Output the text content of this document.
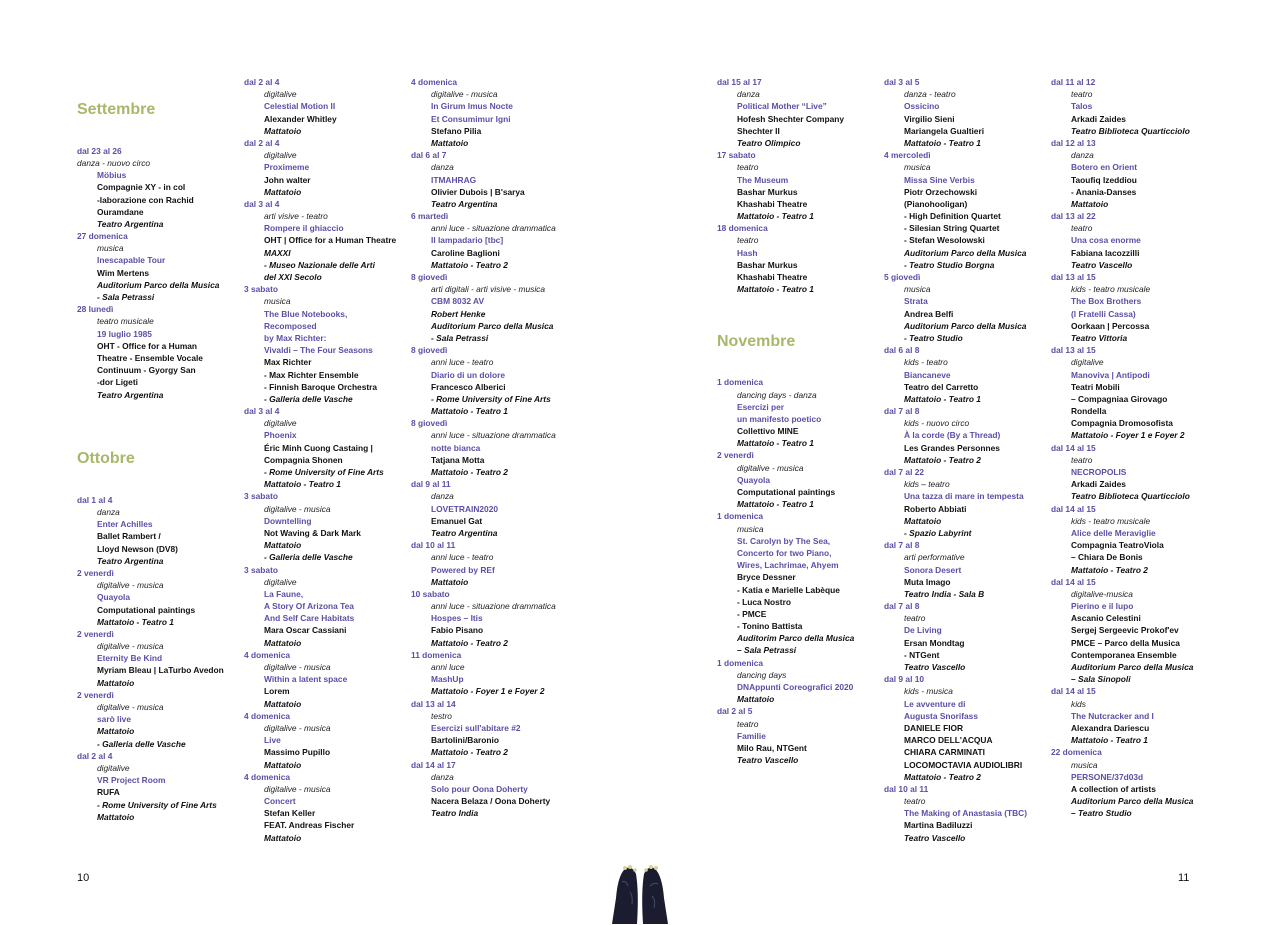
Settembre
dal 23 al 26
danza - nuovo circo
Möbius
Compagnie XY - in col
-laborazione con Rachid
Ouramdane
Teatro Argentina
27 domenica
musica
Inescapable Tour
Wim Mertens
Auditorium Parco della Musica
- Sala Petrassi
28 lunedì
teatro musicale
19 luglio 1985
OHT - Office for a Human
Theatre - Ensemble Vocale
Continuum - Gyorgy San
-dor Ligeti
Teatro Argentina
Ottobre
dal 1 al 4
danza
Enter Achilles
Ballet Rambert /
Lloyd Newson (DV8)
Teatro Argentina
2 venerdì
digitalive - musica
Quayola
Computational paintings
Mattatoio - Teatro 1
2 venerdì
digitalive - musica
Eternity Be Kind
Myriam Bleau | LaTurbo Avedon
Mattatoio
2 venerdì
digitalive - musica
sarò live
Mattatoio
- Galleria delle Vasche
dal 2 al 4
digitalive
VR Project Room
RUFA
- Rome University of Fine Arts
Mattatoio
dal 2 al 4
digitalive
Celestial Motion II
Alexander Whitley
Mattatoio
dal 2 al 4
digitalive
Proximeme
John walter
Mattatoio
dal 3 al 4
arti visive - teatro
Rompere il ghiaccio
OHT | Office for a Human Theatre
MAXXI
- Museo Nazionale delle Arti
del XXI Secolo
3 sabato
musica
The Blue Notebooks,
Recomposed
by Max Richter:
Vivaldi – The Four Seasons
Max Richter
- Max Richter Ensemble
- Finnish Baroque Orchestra
- Galleria delle Vasche
dal 3 al 4
digitalive
Phoenix
Éric Minh Cuong Castaing |
Compagnia Shonen
- Rome University of Fine Arts
Mattatoio - Teatro 1
3 sabato
digitalive - musica
Downtelling
Not Waving & Dark Mark
Mattatoio
- Galleria delle Vasche
3 sabato
digitalive
La Faune,
A Story Of Arizona Tea
And Self Care Habitats
Mara Oscar Cassiani
Mattatoio
4 domenica
digitalive - musica
Within a latent space
Lorem
Mattatoio
4 domenica
digitalive - musica
Live
Massimo Pupillo
Mattatoio
4 domenica
digitalive - musica
Concert
Stefan Keller
FEAT. Andreas Fischer
Mattatoio
4 domenica
digitalive - musica
In Girum Imus Nocte
Et Consumimur Igni
Stefano Pilia
Mattatoio
dal 6 al 7
danza
ITMAHRAG
Olivier Dubois | B'sarya
Teatro Argentina
6 martedì
anni luce - situazione drammatica
Il lampadario [tbc]
Caroline Baglioni
Mattatoio - Teatro 2
8 giovedì
arti digitali - arti visive - musica
CBM 8032 AV
Robert Henke
Auditorium Parco della Musica
- Sala Petrassi
8 giovedì
anni luce - teatro
Diario di un dolore
Francesco Alberici
- Rome University of Fine Arts
Mattatoio - Teatro 1
8 giovedì
anni luce - situazione drammatica
notte bianca
Tatjana Motta
Mattatoio - Teatro 2
dal 9 al 11
danza
LOVETRAIN2020
Emanuel Gat
Teatro Argentina
dal 10 al 11
anni luce - teatro
Powered by REf
Mattatoio
10 sabato
anni luce - situazione drammatica
Hospes – Itis
Fabio Pisano
Mattatoio - Teatro 2
11 domenica
anni luce
MashUp
Mattatoio - Foyer 1 e Foyer 2
dal 13 al 14
testro
Esercizi sull'abitare #2
Bartolini/Baronio
Mattatoio - Teatro 2
dal 14 al 17
danza
Solo pour Oona Doherty
Nacera Belaza / Oona Doherty
Teatro India
dal 15 al 17
danza
Political Mother “Live”
Hofesh Shechter Company
Shechter II
Teatro Olimpico
17 sabato
teatro
The Museum
Bashar Murkus
Khashabi Theatre
Mattatoio - Teatro 1
18 domenica
teatro
Hash
Bashar Murkus
Khashabi Theatre
Mattatoio - Teatro 1
Novembre
1 domenica
dancing days - danza
Esercizi per
un manifesto poetico
Collettivo MINE
Mattatoio - Teatro 1
2 venerdì
digitalive - musica
Quayola
Computational paintings
Mattatoio - Teatro 1
1 domenica
musica
St. Carolyn by The Sea,
Concerto for two Piano,
Wires, Lachrimae, Ahyem
Bryce Dessner
- Katia e Marielle Labèque
- Luca Nostro
- PMCE
- Tonino Battista
Auditorim Parco della Musica
– Sala Petrassi
1 domenica
dancing days
DNAppunti Coreografici 2020
Mattatoio
dal 2 al 5
teatro
Familie
Milo Rau, NTGent
Teatro Vascello
dal 3 al 5
danza - teatro
Ossicino
Virgilio Sieni
Mariangela Gualtieri
Mattatoio - Teatro 1
4 mercoledì
musica
Missa Sine Verbis
Piotr Orzechowski
(Pianohooligan)
- High Definition Quartet
- Silesian String Quartet
- Stefan Wesolowski
Auditorium Parco della Musica
- Teatro Studio Borgna
5 giovedì
musica
Strata
Andrea Belfi
Auditorium Parco della Musica
- Teatro Studio
dal 6 al 8
kids - teatro
Biancaneve
Teatro del Carretto
Mattatoio - Teatro 1
dal 7 al 8
kids - nuovo circo
À la corde (By a Thread)
Les Grandes Personnes
Mattatoio - Teatro 2
dal 7 al 22
kids – teatro
Una tazza di mare in tempesta
Roberto Abbiati
Mattatoio
- Spazio Labyrint
dal 7 al 8
arti performative
Sonora Desert
Muta Imago
Teatro India - Sala B
dal 7 al 8
teatro
De Living
Ersan Mondtag
- NTGent
Teatro Vascello
dal 9 al 10
kids - musica
Le avventure di
Augusta Snorifass
DANIELE FIOR
MARCO DELL'ACQUA
CHIARA CARMINATI
LOCOMOCTAVIA AUDIOLIBRI
Mattatoio - Teatro 2
dal 10 al 11
teatro
The Making of Anastasia (TBC)
Martina Badiluzzi
Teatro Vascello
dal 11 al 12
teatro
Talos
Arkadi Zaides
Teatro Biblioteca Quarticciolo
dal 12 al 13
danza
Botero en Orient
Taoufiq Izeddiou
- Anania-Danses
Mattatoio
dal 13 al 22
teatro
Una cosa enorme
Fabiana Iacozzilli
Teatro Vascello
dal 13 al 15
kids - teatro musicale
The Box Brothers
(I Fratelli Cassa)
Oorkaan | Percossa
Teatro Vittoria
dal 13 al 15
digitalive
Manoviva | Antipodi
Teatri Mobili
– Compagniaa Girovago
Rondella
Compagnia Dromosofista
Mattatoio - Foyer 1 e Foyer 2
dal 14 al 15
teatro
NECROPOLIS
Arkadi Zaides
Teatro Biblioteca Quarticciolo
dal 14 al 15
kids - teatro musicale
Alice delle Meraviglie
Compagnia TeatroViola
– Chiara De Bonis
Mattatoio - Teatro 2
dal 14 al 15
digitalive-musica
Pierino e il lupo
Ascanio Celestini
Sergej Sergeevic Prokof'ev
PMCE – Parco della Musica
Contemporanea Ensemble
Auditorium Parco della Musica
– Sala Sinopoli
dal 14 al 15
kids
The Nutcracker and I
Alexandra Dariescu
Mattatoio - Teatro 1
22 domenica
musica
PERSONE/37d03d
A collection of artists
Auditorium Parco della Musica
– Teatro Studio
10	11
